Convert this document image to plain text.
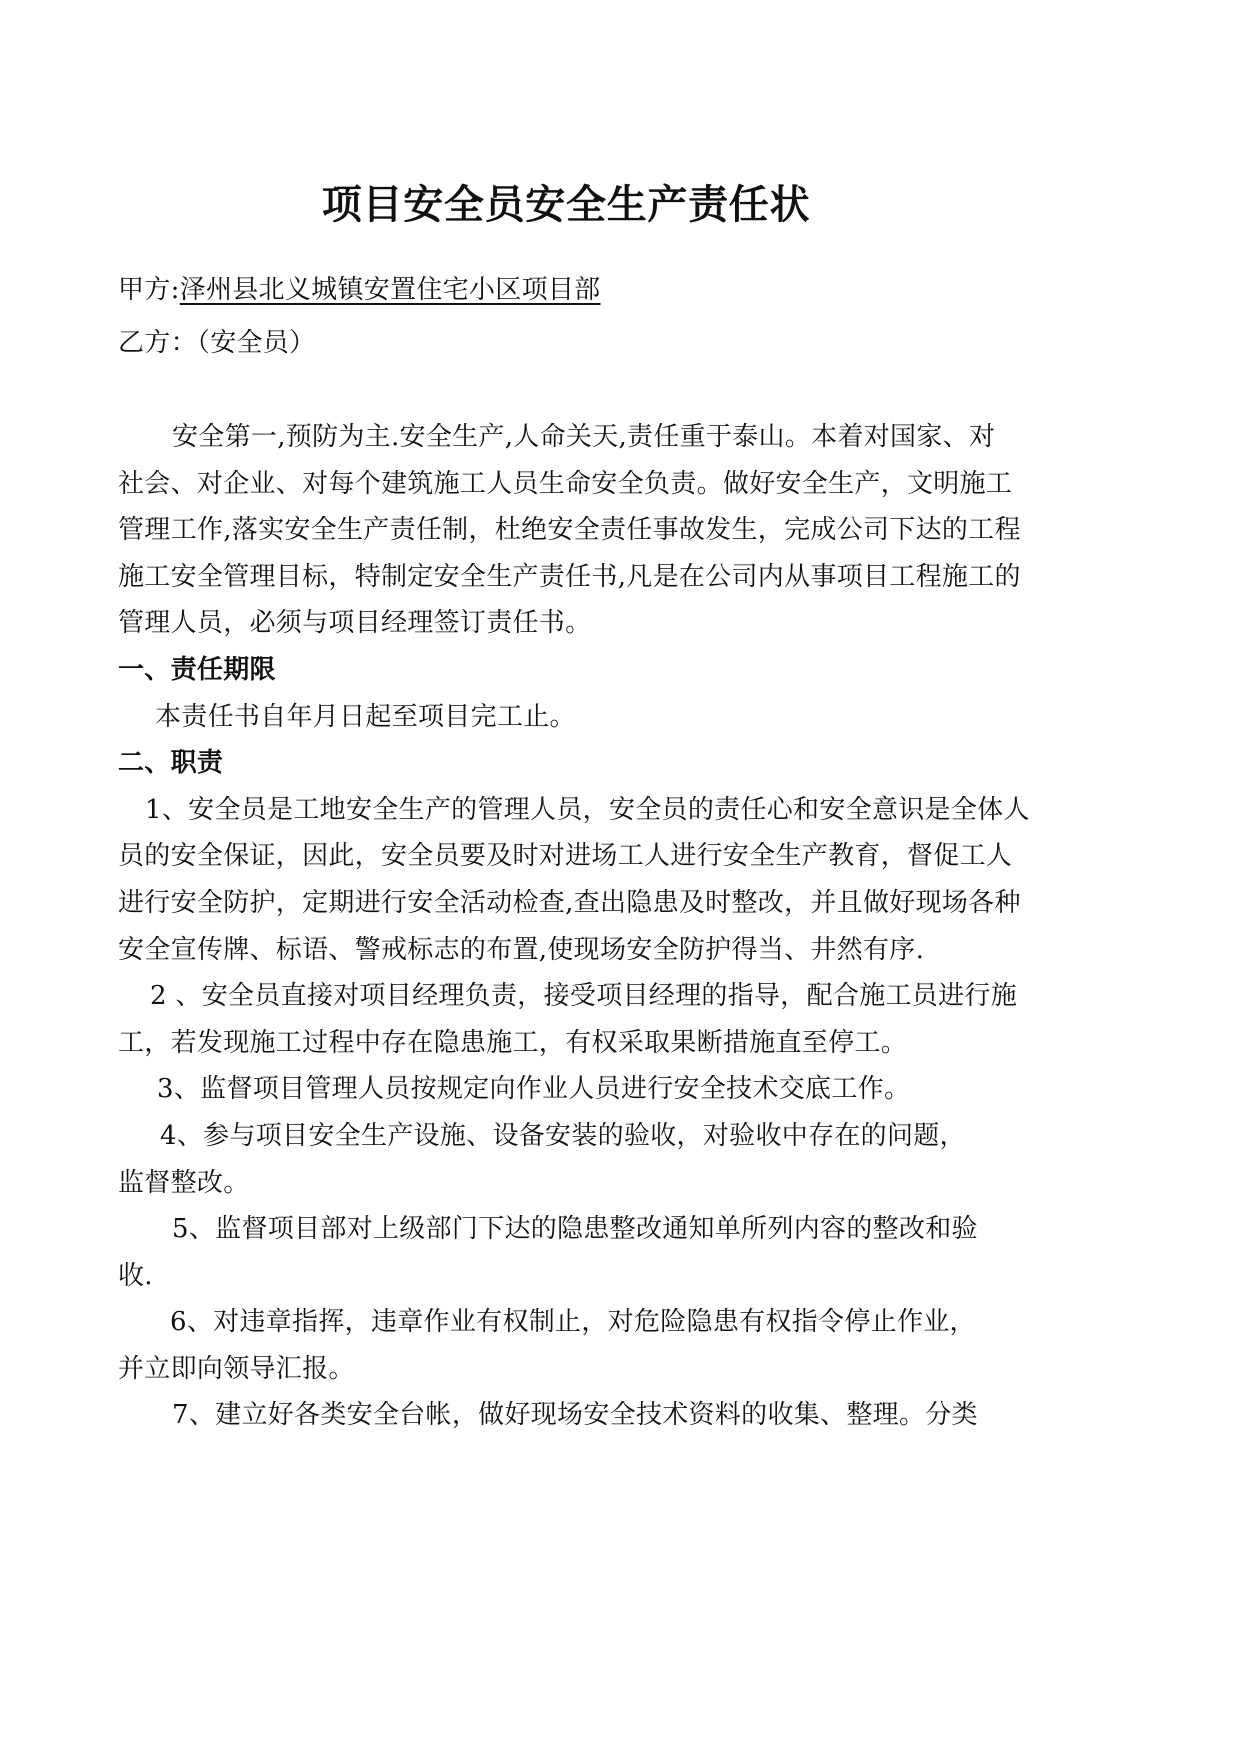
项目安全员安全生产责任状
甲方:泽州县北义城镇安置住宅小区项目部
乙方：（安全员）
安全第一,预防为主.安全生产,人命关天,责任重于泰山。本着对国家、对
社会、对企业、对每个建筑施工人员生命安全负责。做好安全生产，文明施工
管理工作,落实安全生产责任制，杜绝安全责任事故发生，完成公司下达的工程
施工安全管理目标，特制定安全生产责任书,凡是在公司内从事项目工程施工的
管理人员，必须与项目经理签订责任书。
一、责任期限
本责任书自年月日起至项目完工止。
二、职责
1、安全员是工地安全生产的管理人员，安全员的责任心和安全意识是全体人
员的安全保证，因此，安全员要及时对进场工人进行安全生产教育，督促工人
进行安全防护，定期进行安全活动检查,查出隐患及时整改，并且做好现场各种
安全宣传牌、标语、警戒标志的布置,使现场安全防护得当、井然有序.
2 、安全员直接对项目经理负责，接受项目经理的指导，配合施工员进行施
工，若发现施工过程中存在隐患施工，有权采取果断措施直至停工。
3、监督项目管理人员按规定向作业人员进行安全技术交底工作。
4、参与项目安全生产设施、设备安装的验收，对验收中存在的问题，
监督整改。
5、监督项目部对上级部门下达的隐患整改通知单所列内容的整改和验
收.
6、对违章指挥，违章作业有权制止，对危险隐患有权指令停止作业，
并立即向领导汇报。
7、建立好各类安全台帐，做好现场安全技术资料的收集、整理。分类
